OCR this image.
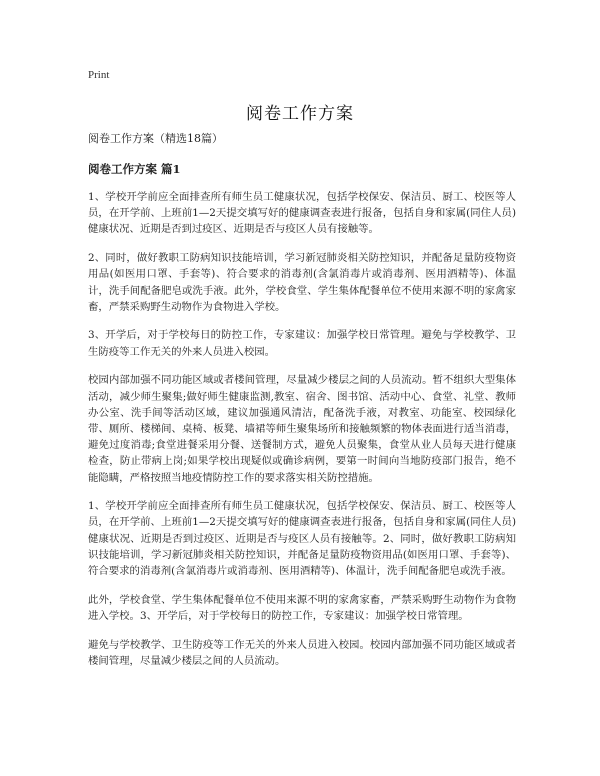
Print
阅卷工作方案

阅卷工作方案（精选18篇）

阅卷工作方案 篇1

1、学校开学前应全面排查所有师生员工健康状况，包括学校保安、保洁员、厨工、校医等人员，在开学前、上班前1—2天提交填写好的健康调查表进行报备，包括自身和家属(同住人员)健康状况、近期是否到过疫区、近期是否与疫区人员有接触等。

2、同时，做好教职工防病知识技能培训，学习新冠肺炎相关防控知识，并配备足量防疫物资用品(如医用口罩、手套等)、符合要求的消毒剂(含氯消毒片或消毒剂、医用酒精等)、体温计，洗手间配备肥皂或洗手液。此外，学校食堂、学生集体配餐单位不使用来源不明的家禽家畜，严禁采购野生动物作为食物进入学校。

3、开学后，对于学校每日的防控工作，专家建议：加强学校日常管理。避免与学校教学、卫生防疫等工作无关的外来人员进入校园。

校园内部加强不同功能区域或者楼间管理，尽量减少楼层之间的人员流动。暂不组织大型集体活动，减少师生聚集;做好师生健康监测,教室、宿舍、图书馆、活动中心、食堂、礼堂、教师办公室、洗手间等活动区域，建议加强通风清洁，配备洗手液，对教室、功能室、校园绿化带、厕所、楼梯间、桌椅、板凳、墙裙等师生聚集场所和接触频繁的物体表面进行适当消毒，避免过度消毒;食堂进餐采用分餐、送餐制方式，避免人员聚集，食堂从业人员每天进行健康检查，防止带病上岗;如果学校出现疑似或确诊病例，要第一时间向当地防疫部门报告，绝不能隐瞒，严格按照当地疫情防控工作的要求落实相关防控措施。

1、学校开学前应全面排查所有师生员工健康状况，包括学校保安、保洁员、厨工、校医等人员，在开学前、上班前1—2天提交填写好的健康调查表进行报备，包括自身和家属(同住人员)健康状况、近期是否到过疫区、近期是否与疫区人员有接触等。2、同时，做好教职工防病知识技能培训，学习新冠肺炎相关防控知识，并配备足量防疫物资用品(如医用口罩、手套等)、符合要求的消毒剂(含氯消毒片或消毒剂、医用酒精等)、体温计，洗手间配备肥皂或洗手液。

此外，学校食堂、学生集体配餐单位不使用来源不明的家禽家畜，严禁采购野生动物作为食物进入学校。3、开学后，对于学校每日的防控工作，专家建议：加强学校日常管理。

避免与学校教学、卫生防疫等工作无关的外来人员进入校园。校园内部加强不同功能区域或者楼间管理，尽量减少楼层之间的人员流动。
